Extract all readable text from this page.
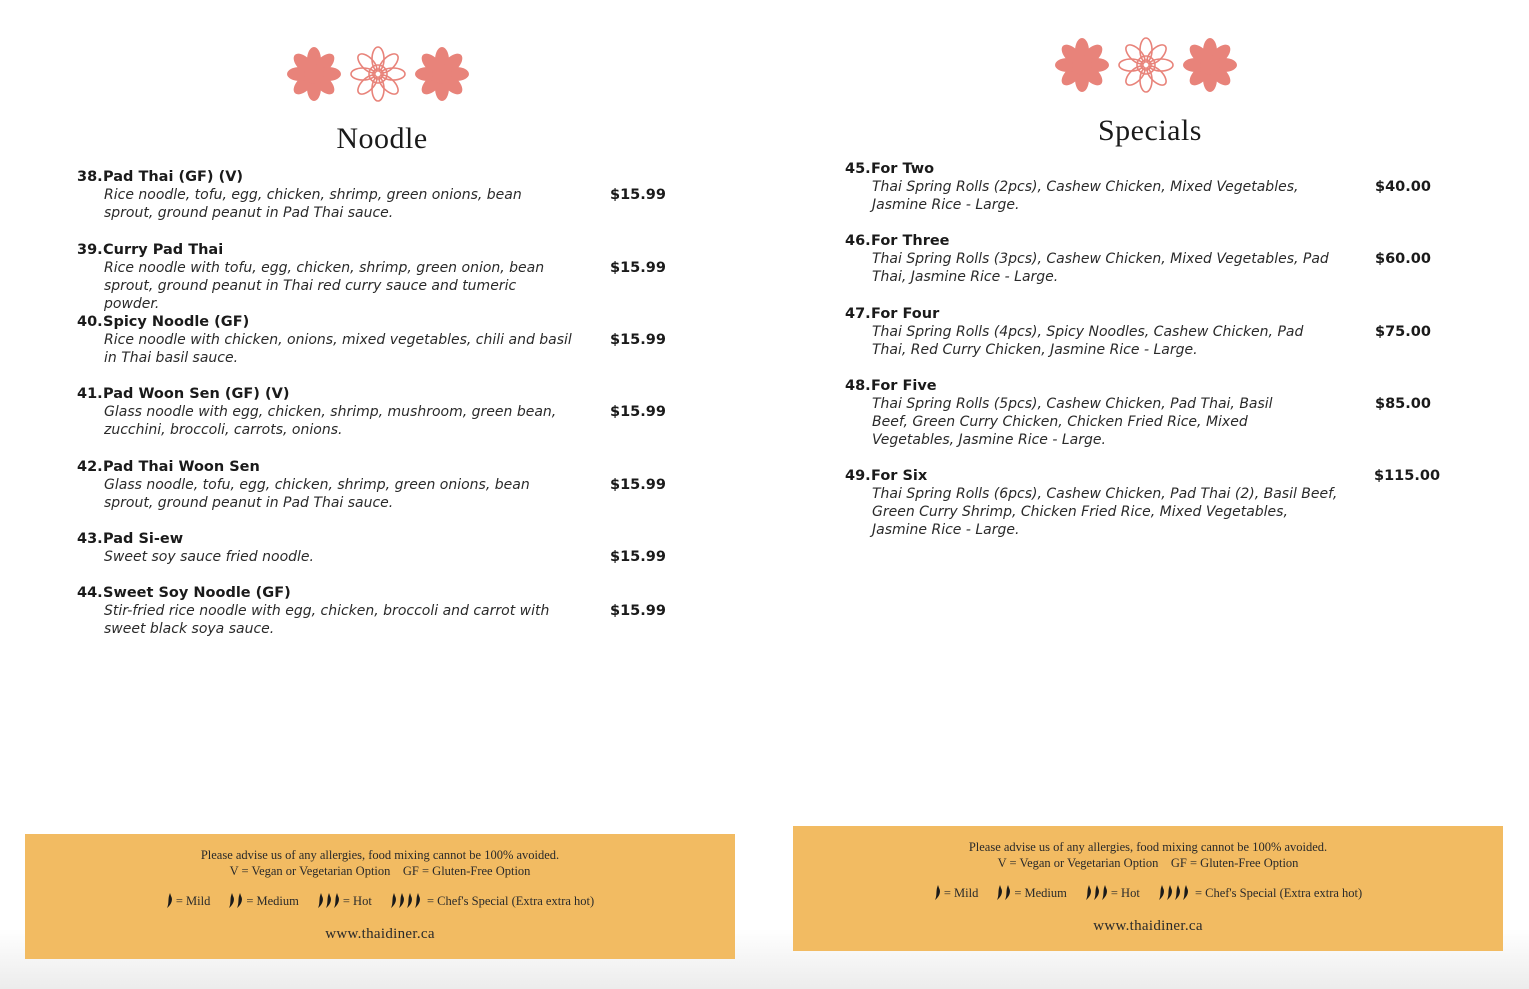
Noodle
38.Pad Thai (GF) (V)
Rice noodle, tofu, egg, chicken, shrimp, green onions, bean sprout, ground peanut in Pad Thai sauce.
$15.99
39.Curry Pad Thai
Rice noodle with tofu, egg, chicken, shrimp, green onion, bean sprout, ground peanut in Thai red curry sauce and tumeric powder.
$15.99
40.Spicy Noodle (GF)
Rice noodle with chicken, onions, mixed vegetables, chili and basil in Thai basil sauce.
$15.99
41.Pad Woon Sen (GF) (V)
Glass noodle with egg, chicken, shrimp, mushroom, green bean, zucchini, broccoli, carrots, onions.
$15.99
42.Pad Thai Woon Sen
Glass noodle, tofu, egg, chicken, shrimp, green onions, bean sprout, ground peanut in Pad Thai sauce.
$15.99
43.Pad Si-ew
Sweet soy sauce fried noodle.	$15.99
44.Sweet Soy Noodle (GF)
Stir-fried rice noodle with egg, chicken, broccoli and carrot with sweet black soya sauce.
$15.99
Please advise us of any allergies, food mixing cannot be 100% avoided.
V = Vegan or Vegetarian Option    GF = Gluten-Free Option
= Mild	= Medium	= Hot	= Chef's Special (Extra extra hot)
www.thaidiner.ca
Specials
45.For Two
Thai Spring Rolls (2pcs), Cashew Chicken, Mixed Vegetables, Jasmine Rice - Large.
$40.00
46.For Three
Thai Spring Rolls (3pcs), Cashew Chicken, Mixed Vegetables, Pad Thai, Jasmine Rice - Large.
$60.00
47.For Four
Thai Spring Rolls (4pcs), Spicy Noodles, Cashew Chicken, Pad Thai, Red Curry Chicken, Jasmine Rice - Large.
$75.00
48.For Five
Thai Spring Rolls (5pcs), Cashew Chicken, Pad Thai, Basil Beef, Green Curry Chicken, Chicken Fried Rice, Mixed Vegetables, Jasmine Rice - Large.
$85.00
49.For Six
Thai Spring Rolls (6pcs), Cashew Chicken, Pad Thai (2), Basil Beef, Green Curry Shrimp, Chicken Fried Rice, Mixed Vegetables, Jasmine Rice - Large.
$115.00
Please advise us of any allergies, food mixing cannot be 100% avoided.
V = Vegan or Vegetarian Option    GF = Gluten-Free Option
= Mild	= Medium	= Hot	= Chef's Special (Extra extra hot)
www.thaidiner.ca
